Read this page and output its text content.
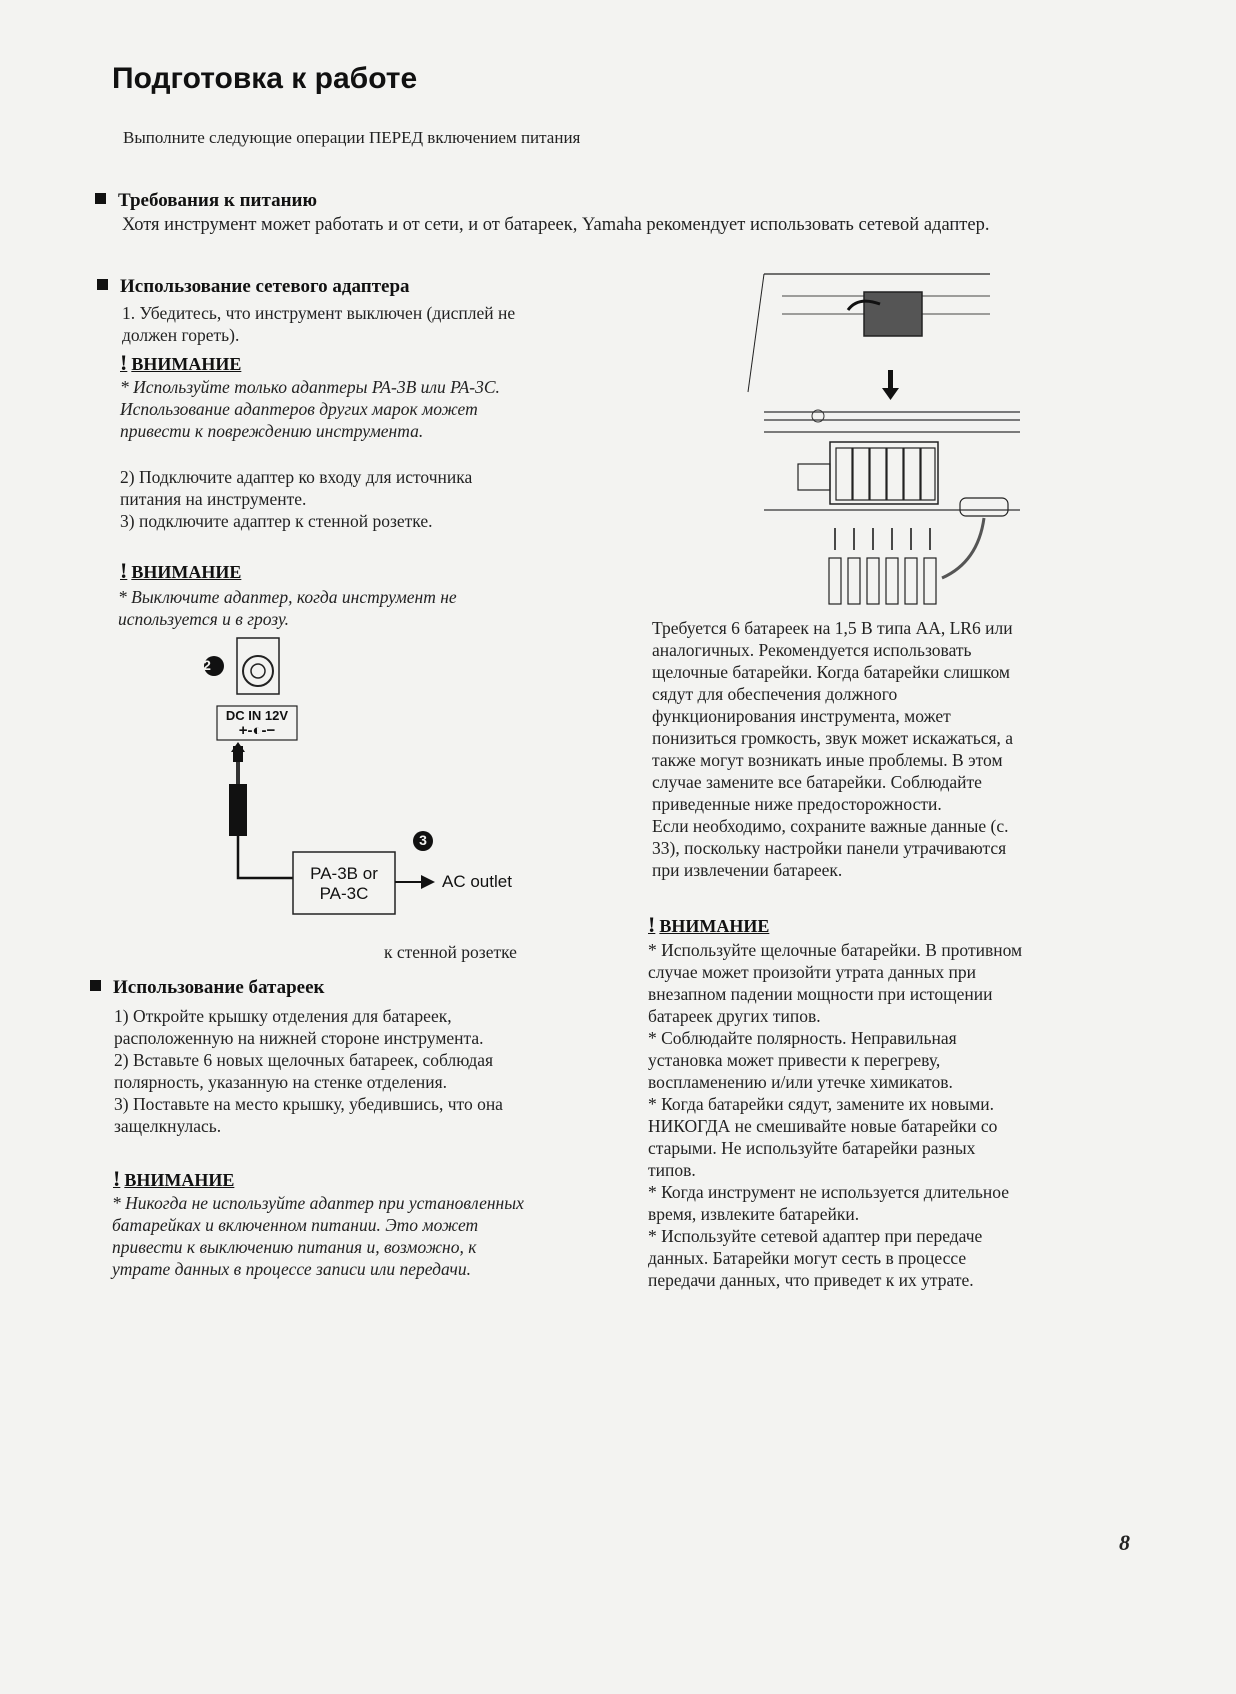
Подготовка к работе
Выполните следующие операции ПЕРЕД включением питания
Требования к питанию
Хотя инструмент может работать и от сети, и от батареек, Yamaha рекомендует использовать сетевой адаптер.
Использование сетевого адаптера

1. Убедитесь, что инструмент выключен (дисплей не
должен гореть).

! ВНИМАНИЕ

* Используйте только адаптеры PA-3B или PA-3C.
Использование адаптеров других марок может
привести к повреждению инструмента.

2) Подключите адаптер ко входу для источника
питания на инструменте.
3) подключите адаптер к стенной розетке.

! ВНИМАНИЕ

* Выключите адаптер, когда инструмент не
используется и в грозу.

2
3
DC IN 12V
+-◐-−

PA-3B or
PA-3C

AC outlet
к стенной розетке
Использование батареек

1) Откройте крышку отделения для батареек,
расположенную на нижней стороне инструмента.
2) Вставьте 6 новых щелочных батареек, соблюдая
полярность, указанную на стенке отделения.
3) Поставьте на место крышку, убедившись, что она
защелкнулась.

! ВНИМАНИЕ

* Никогда не используйте адаптер при установленных
батарейках и включенном питании. Это может
привести к выключению питания и, возможно, к
утрате данных в процессе записи или передачи.

Требуется 6 батареек на 1,5 В типа AA, LR6 или
аналогичных. Рекомендуется использовать
щелочные батарейки. Когда батарейки слишком
сядут для обеспечения должного
функционирования инструмента, может
понизиться громкость, звук может искажаться, а
также могут возникать иные проблемы. В этом
случае замените все батарейки. Соблюдайте
приведенные ниже предосторожности.
Если необходимо, сохраните важные данные (с.
33), поскольку настройки панели утрачиваются
при извлечении батареек.

! ВНИМАНИЕ

* Используйте щелочные батарейки. В противном
случае может произойти утрата данных при
внезапном падении мощности при истощении
батареек других типов.
* Соблюдайте полярность. Неправильная
установка может привести к перегреву,
воспламенению и/или утечке химикатов.
* Когда батарейки сядут, замените их новыми.
НИКОГДА не смешивайте новые батарейки со
старыми. Не используйте батарейки разных
типов.
* Когда инструмент не используется длительное
время, извлеките батарейки.
* Используйте сетевой адаптер при передаче
данных. Батарейки могут сесть в процессе
передачи данных, что приведет к их утрате.

8
